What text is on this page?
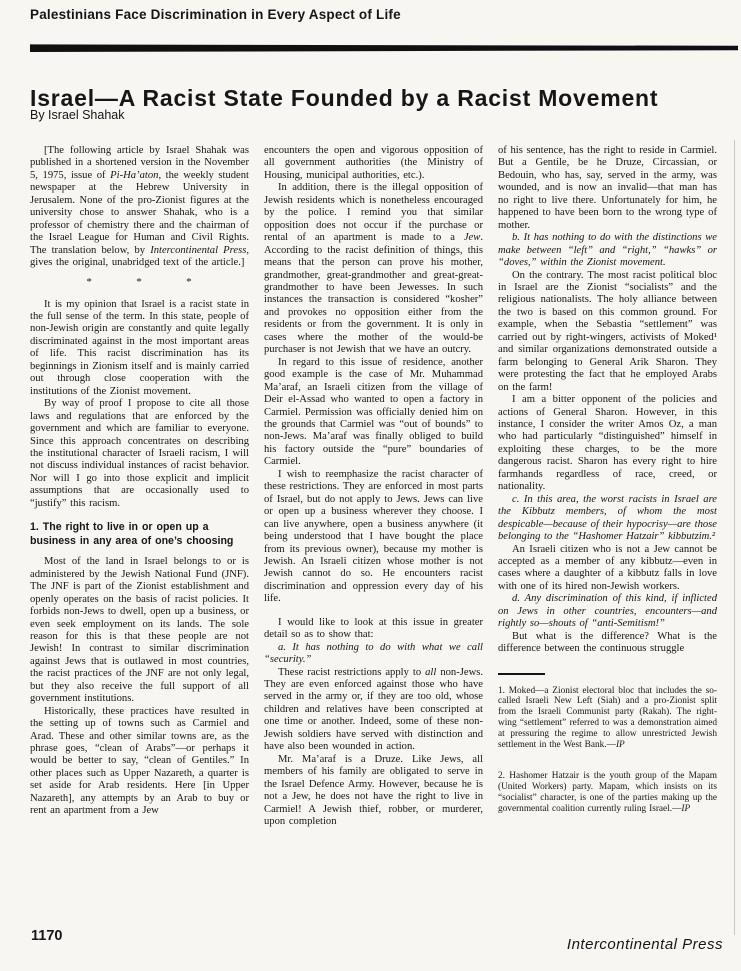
Palestinians Face Discrimination in Every Aspect of Life
Israel—A Racist State Founded by a Racist Movement
By Israel Shahak

[The following article by Israel Shahak was published in a shortened version in the November 5, 1975, issue of Pi-Ha’aton, the weekly student newspaper at the Hebrew University in Jerusalem. None of the pro-Zionist figures at the university chose to answer Shahak, who is a professor of chemistry there and the chairman of the Israel League for Human and Civil Rights. The translation below, by Intercontinental Press, gives the original, unabridged text of the article.]

* * *

It is my opinion that Israel is a racist state in the full sense of the term. In this state, people of non-Jewish origin are constantly and quite legally discriminated against in the most important areas of life. This racist discrimination has its beginnings in Zionism itself and is mainly carried out through close cooperation with the institutions of the Zionist movement.

By way of proof I propose to cite all those laws and regulations that are enforced by the government and which are familiar to everyone. Since this approach concentrates on describing the institutional character of Israeli racism, I will not discuss individual instances of racist behavior. Nor will I go into those explicit and implicit assumptions that are occasionally used to “justify” this racism.

1. The right to live in or open up a business in any area of one’s choosing

Most of the land in Israel belongs to or is administered by the Jewish National Fund (JNF). The JNF is part of the Zionist establishment and openly operates on the basis of racist policies. It forbids non-Jews to dwell, open up a business, or even seek employment on its lands. The sole reason for this is that these people are not Jewish! In contrast to similar discrimination against Jews that is outlawed in most countries, the racist practices of the JNF are not only legal, but they also receive the full support of all government institutions.

Historically, these practices have resulted in the setting up of towns such as Carmiel and Arad. These and other similar towns are, as the phrase goes, “clean of Arabs”—or perhaps it would be better to say, “clean of Gentiles.” In other places such as Upper Nazareth, a quarter is set aside for Arab residents. Here [in Upper Nazareth], any attempts by an Arab to buy or rent an apartment from a Jew

encounters the open and vigorous opposition of all government authorities (the Ministry of Housing, municipal authorities, etc.).

In addition, there is the illegal opposition of Jewish residents which is nonetheless encouraged by the police. I remind you that similar opposition does not occur if the purchase or rental of an apartment is made to a Jew. According to the racist definition of things, this means that the person can prove his mother, grandmother, great-grandmother and great-great-grandmother to have been Jewesses. In such instances the transaction is considered “kosher” and provokes no opposition either from the residents or from the government. It is only in cases where the mother of the would-be purchaser is not Jewish that we have an outcry.

In regard to this issue of residence, another good example is the case of Mr. Muhammad Ma’araf, an Israeli citizen from the village of Deir el-Assad who wanted to open a factory in Carmiel. Permission was officially denied him on the grounds that Carmiel was “out of bounds” to non-Jews. Ma’araf was finally obliged to build his factory outside the “pure” boundaries of Carmiel.

I wish to reemphasize the racist character of these restrictions. They are enforced in most parts of Israel, but do not apply to Jews. Jews can live or open up a business wherever they choose. I can live anywhere, open a business anywhere (it being understood that I have bought the place from its previous owner), because my mother is Jewish. An Israeli citizen whose mother is not Jewish cannot do so. He encounters racist discrimination and oppression every day of his life.

I would like to look at this issue in greater detail so as to show that:

a. It has nothing to do with what we call “security.”

These racist restrictions apply to all non-Jews. They are even enforced against those who have served in the army or, if they are too old, whose children and relatives have been conscripted at one time or another. Indeed, some of these non-Jewish soldiers have served with distinction and have also been wounded in action.

Mr. Ma’araf is a Druze. Like Jews, all members of his family are obligated to serve in the Israel Defence Army. However, because he is not a Jew, he does not have the right to live in Carmiel! A Jewish thief, robber, or murderer, upon completion

of his sentence, has the right to reside in Carmiel. But a Gentile, be he Druze, Circassian, or Bedouin, who has, say, served in the army, was wounded, and is now an invalid—that man has no right to live there. Unfortunately for him, he happened to have been born to the wrong type of mother.

b. It has nothing to do with the distinctions we make between “left” and “right,” “hawks” or “doves,” within the Zionist movement.

On the contrary. The most racist political bloc in Israel are the Zionist “socialists” and the religious nationalists. The holy alliance between the two is based on this common ground. For example, when the Sebastia “settlement” was carried out by right-wingers, activists of Moked¹ and similar organizations demonstrated outside a farm belonging to General Arik Sharon. They were protesting the fact that he employed Arabs on the farm!

I am a bitter opponent of the policies and actions of General Sharon. However, in this instance, I consider the writer Amos Oz, a man who had particularly “distinguished” himself in exploiting these charges, to be the more dangerous racist. Sharon has every right to hire farmhands regardless of race, creed, or nationality.

c. In this area, the worst racists in Israel are the Kibbutz members, of whom the most despicable—because of their hypocrisy—are those belonging to the “Hashomer Hatzair” kibbutzim.²

An Israeli citizen who is not a Jew cannot be accepted as a member of any kibbutz—even in cases where a daughter of a kibbutz falls in love with one of its hired non-Jewish workers.

d. Any discrimination of this kind, if inflicted on Jews in other countries, encounters—and rightly so—shouts of “anti-Semitism!”

But what is the difference? What is the difference between the continuous struggle

1. Moked—a Zionist electoral bloc that includes the so-called Israeli New Left (Siah) and a pro-Zionist split from the Israeli Communist party (Rakah). The right-wing “settlement” referred to was a demonstration aimed at pressuring the regime to allow unrestricted Jewish settlement in the West Bank.—IP

2. Hashomer Hatzair is the youth group of the Mapam (United Workers) party. Mapam, which insists on its “socialist” character, is one of the parties making up the governmental coalition currently ruling Israel.—IP

1170	Intercontinental Press
